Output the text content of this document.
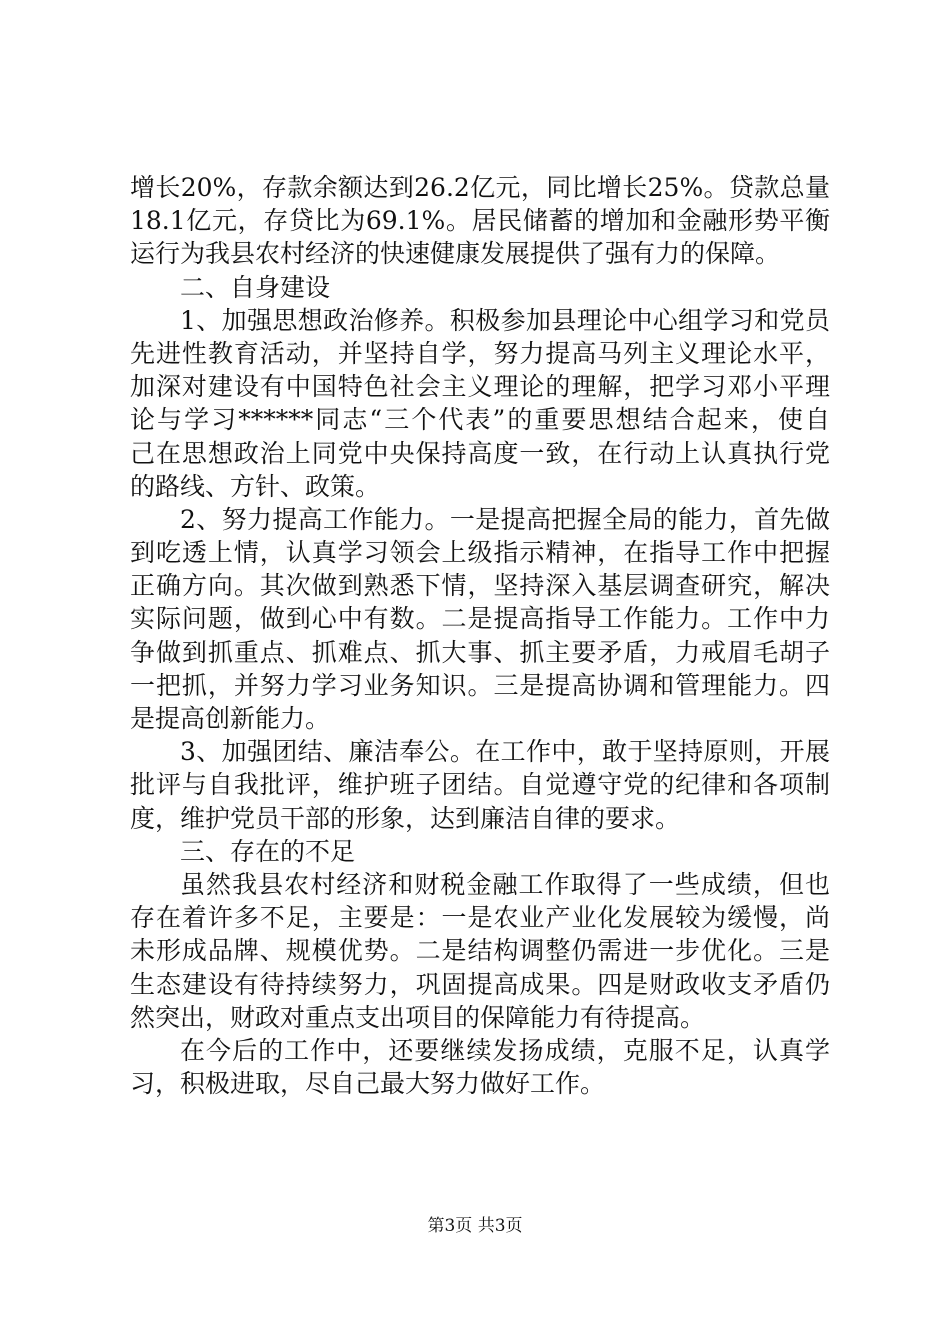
增长20%，存款余额达到26.2亿元，同比增长25%。贷款总量
18.1亿元，存贷比为69.1%。居民储蓄的增加和金融形势平衡
运行为我县农村经济的快速健康发展提供了强有力的保障。
二、自身建设
1、加强思想政治修养。积极参加县理论中心组学习和党员
先进性教育活动，并坚持自学，努力提高马列主义理论水平，
加深对建设有中国特色社会主义理论的理解，把学习邓小平理
论与学习******同志“三个代表”的重要思想结合起来，使自
己在思想政治上同党中央保持高度一致，在行动上认真执行党
的路线、方针、政策。
2、努力提高工作能力。一是提高把握全局的能力，首先做
到吃透上情，认真学习领会上级指示精神，在指导工作中把握
正确方向。其次做到熟悉下情，坚持深入基层调查研究，解决
实际问题，做到心中有数。二是提高指导工作能力。工作中力
争做到抓重点、抓难点、抓大事、抓主要矛盾，力戒眉毛胡子
一把抓，并努力学习业务知识。三是提高协调和管理能力。四
是提高创新能力。
3、加强团结、廉洁奉公。在工作中，敢于坚持原则，开展
批评与自我批评，维护班子团结。自觉遵守党的纪律和各项制
度，维护党员干部的形象，达到廉洁自律的要求。
三、存在的不足
虽然我县农村经济和财税金融工作取得了一些成绩，但也
存在着许多不足，主要是：一是农业产业化发展较为缓慢，尚
未形成品牌、规模优势。二是结构调整仍需进一步优化。三是
生态建设有待持续努力，巩固提高成果。四是财政收支矛盾仍
然突出，财政对重点支出项目的保障能力有待提高。
在今后的工作中，还要继续发扬成绩，克服不足，认真学
习，积极进取，尽自己最大努力做好工作。
第3页 共3页
